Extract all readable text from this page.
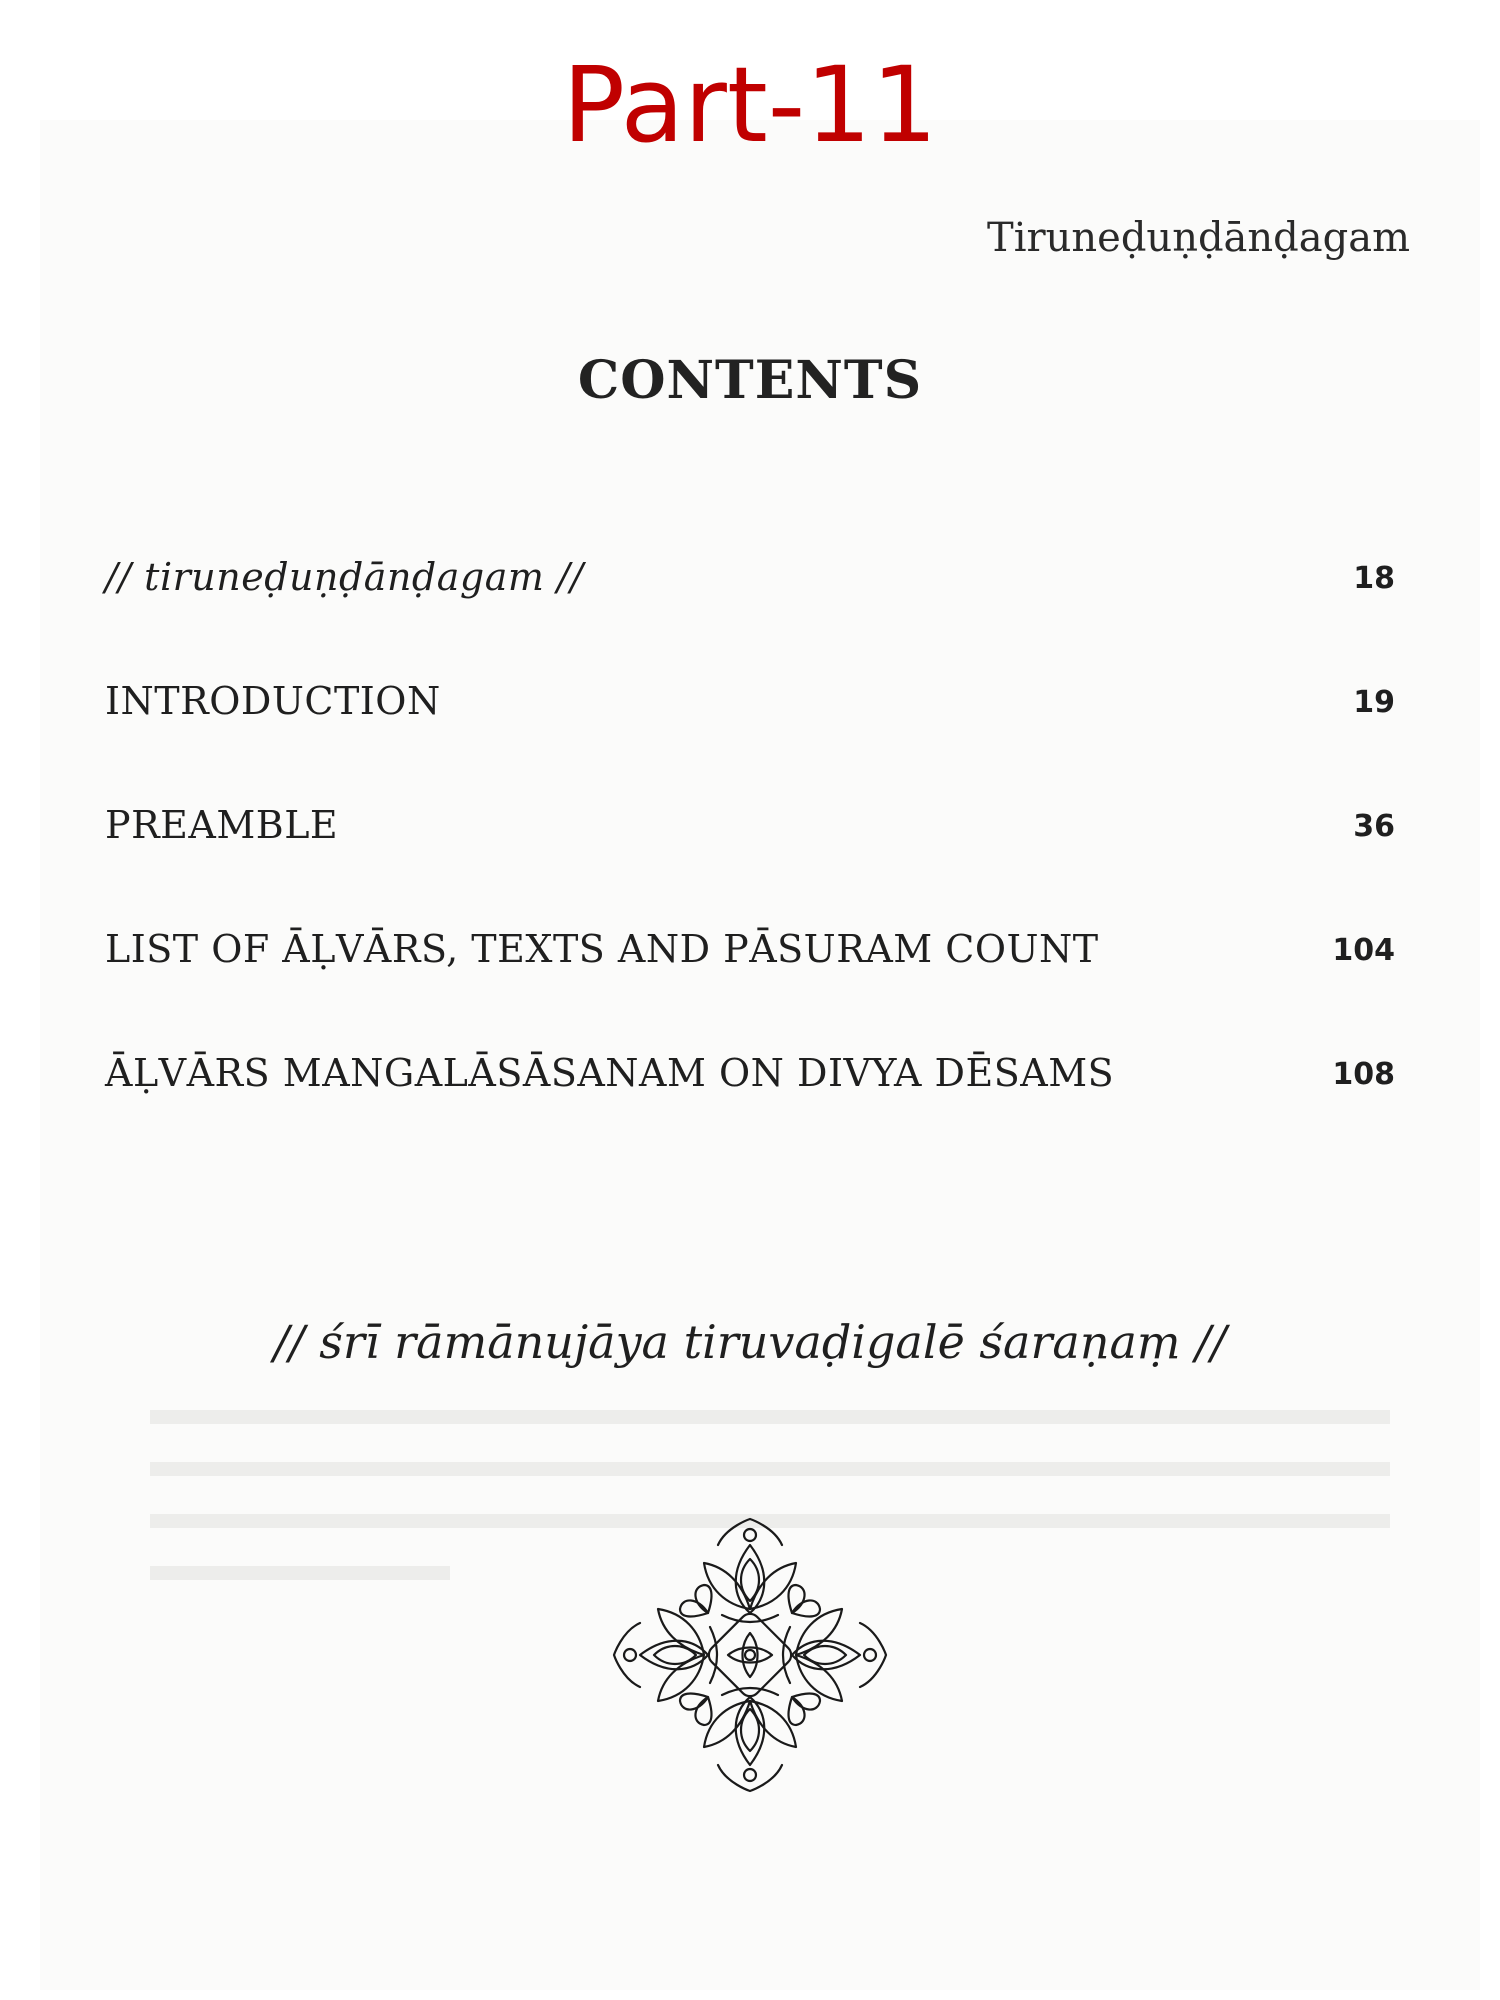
Part-11
Tiruneḍuṇḍānḍagam
CONTENTS
// tiruneḍuṇḍānḍagam //	18
INTRODUCTION	19
PREAMBLE	36
LIST OF ĀḶVĀRS, TEXTS AND PĀSURAM COUNT	104
ĀḶVĀRS MANGALĀSĀSANAM ON DIVYA DĒSAMS	108
// śrī rāmānujāya tiruvaḍigalē śaraṇaṃ //
